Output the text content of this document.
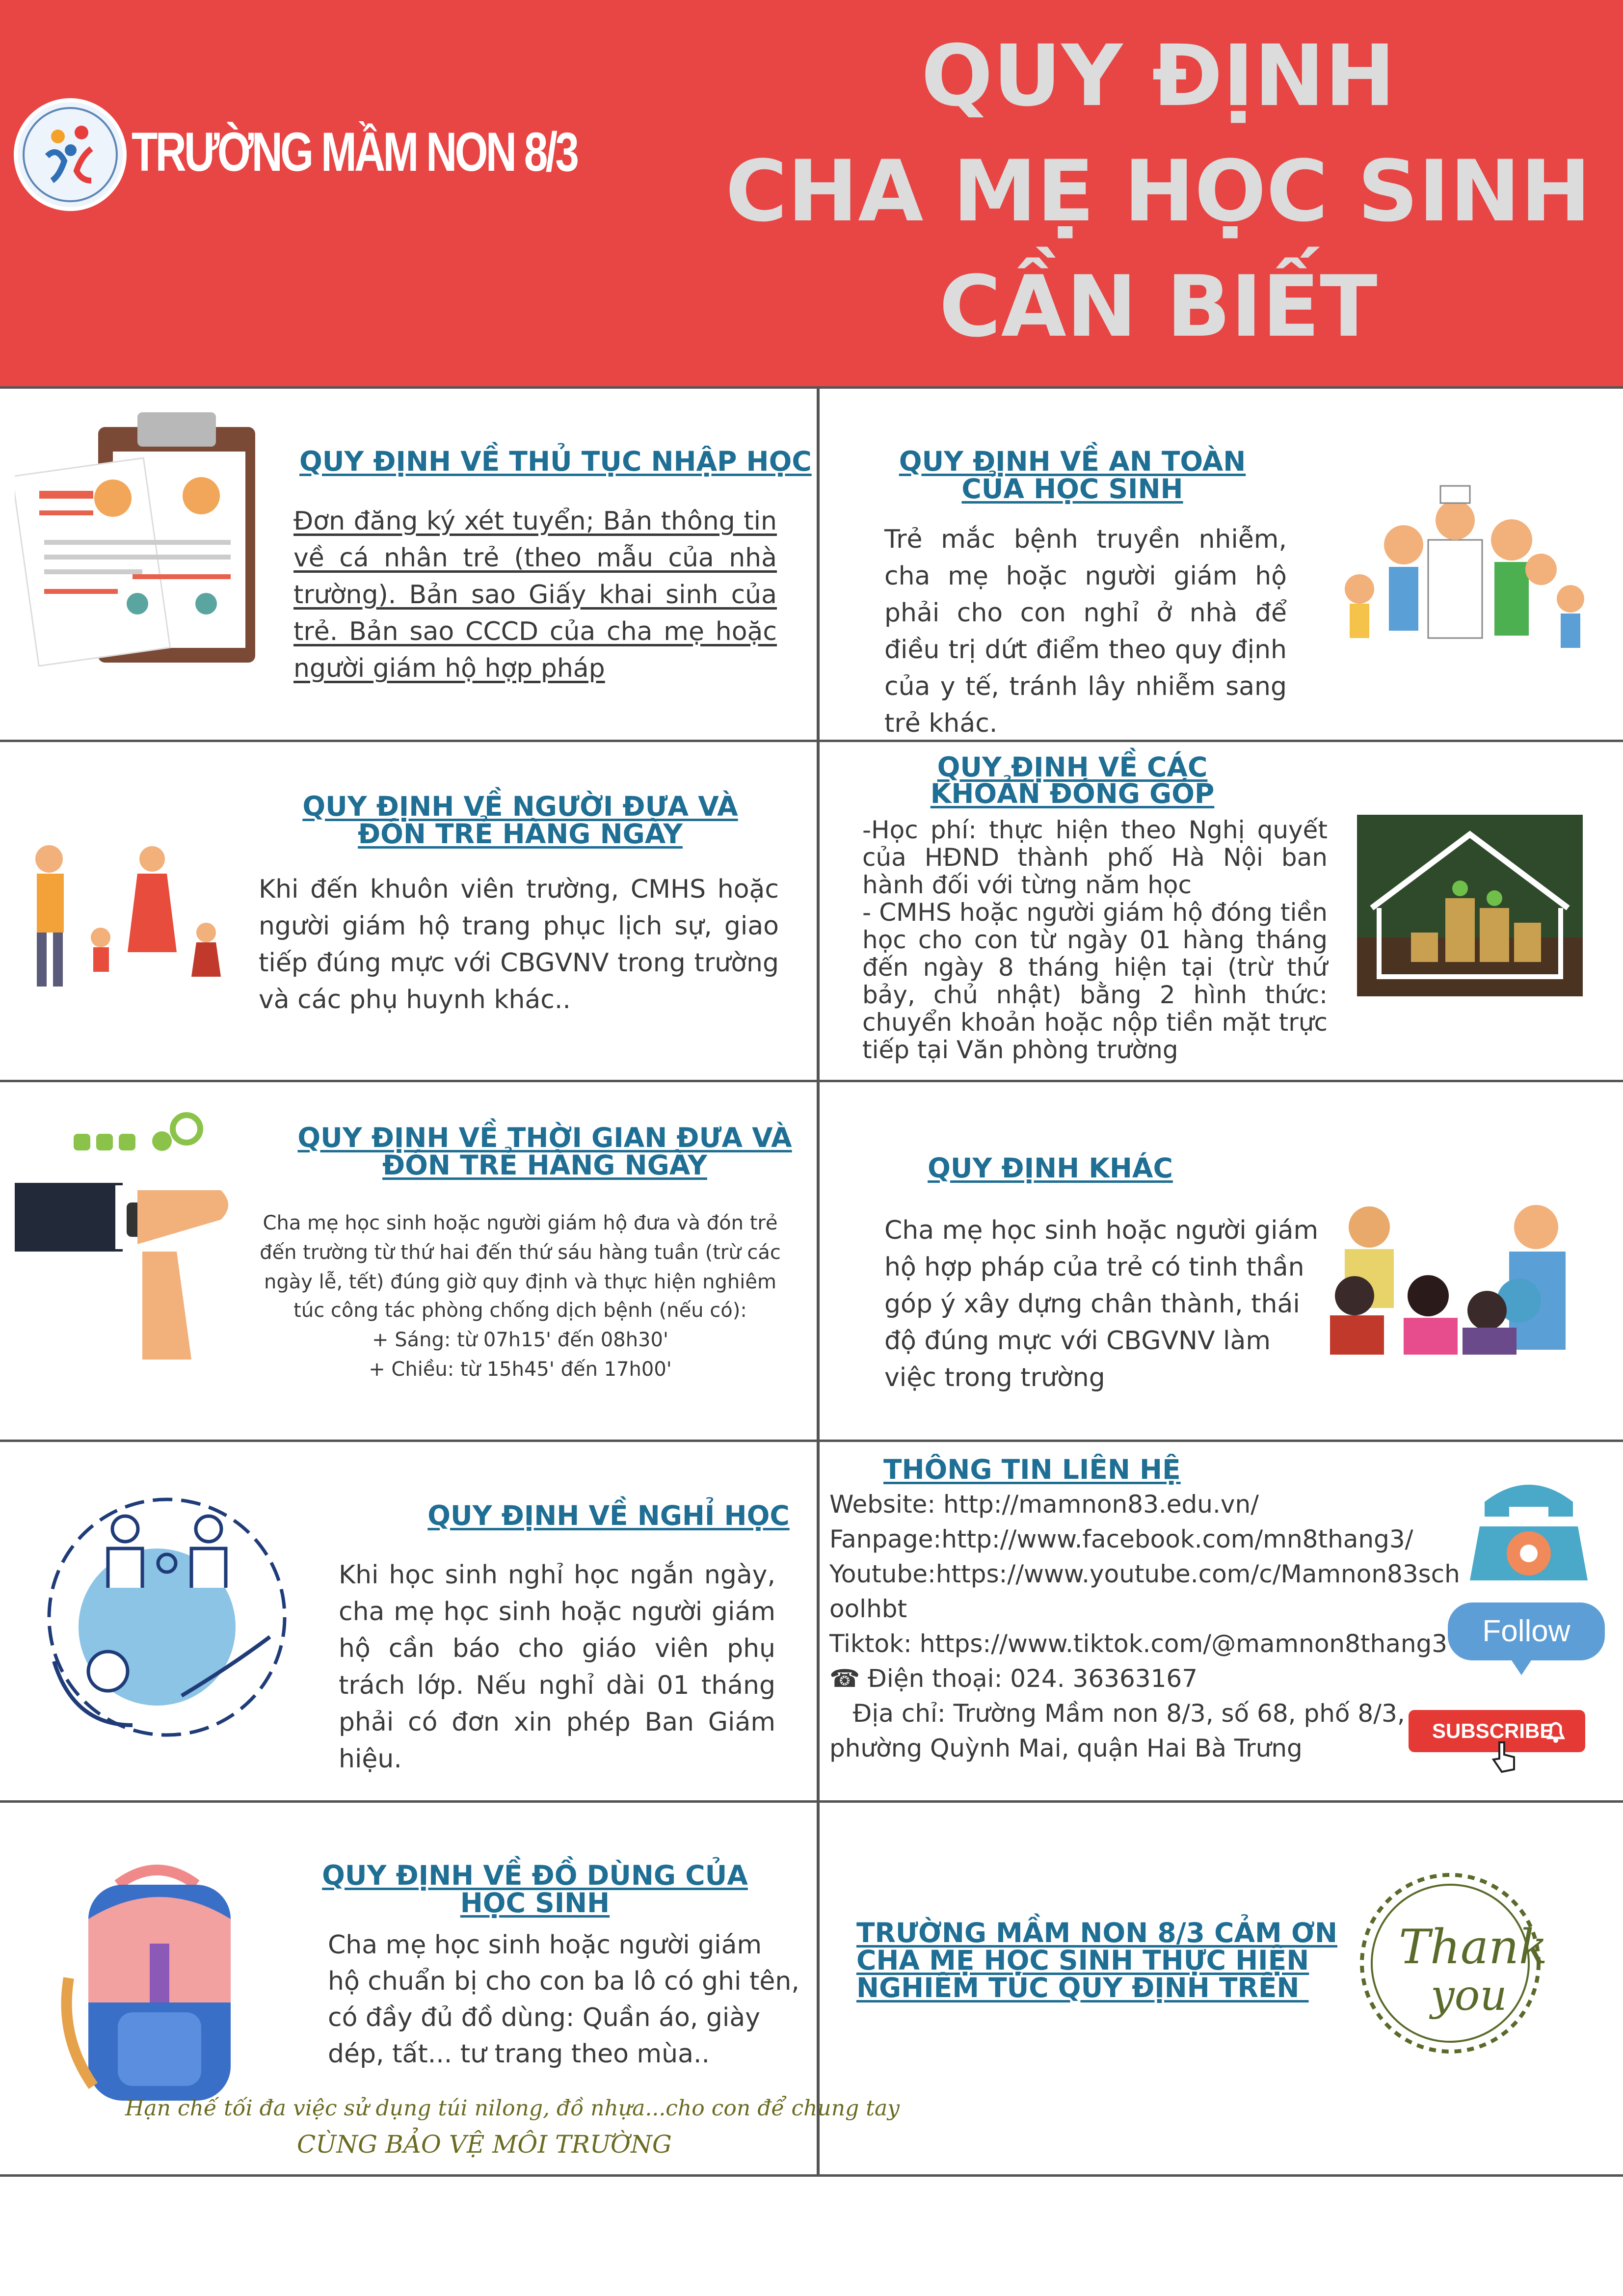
TRƯỜNG MẦM NON 8/3
QUY ĐỊNH
CHA MẸ HỌC SINH
CẦN BIẾT
QUY ĐỊNH VỀ THỦ TỤC NHẬP HỌC
Đơn đăng ký xét tuyển; Bản thông tin về cá nhân trẻ (theo mẫu của nhà trường). Bản sao Giấy khai sinh của trẻ. Bản sao CCCD của cha mẹ hoặc người giám hộ hợp pháp
QUY ĐỊNH VỀ AN TOÀN
CỦA HỌC SINH
Trẻ mắc bệnh truyền nhiễm, cha mẹ hoặc người giám hộ phải cho con nghỉ ở nhà để điều trị dứt điểm theo quy định của y tế, tránh lây nhiễm sang trẻ khác.
QUY ĐỊNH VỀ NGƯỜI ĐƯA VÀ
ĐÓN TRẺ HÀNG NGÀY
Khi đến khuôn viên trường, CMHS hoặc người giám hộ trang phục lịch sự, giao tiếp đúng mực với CBGVNV trong trường và các phụ huynh khác..
QUY ĐỊNH VỀ CÁC
KHOẢN ĐÓNG GÓP
-Học phí: thực hiện theo Nghị quyết của HĐND thành phố Hà Nội ban hành đối với từng năm học
- CMHS hoặc người giám hộ đóng tiền học cho con từ ngày 01 hàng tháng đến ngày 8 tháng hiện tại (trừ thứ bảy, chủ nhật) bằng 2 hình thức: chuyển khoản hoặc nộp tiền mặt trực tiếp tại Văn phòng trường
QUY ĐỊNH VỀ THỜI GIAN ĐƯA VÀ
ĐÓN TRẺ HÀNG NGÀY
Cha mẹ học sinh hoặc người giám hộ đưa và đón trẻ
đến trường từ thứ hai đến thứ sáu hàng tuần (trừ các
ngày lễ, tết) đúng giờ quy định và thực hiện nghiêm
túc công tác phòng chống dịch bệnh (nếu có):
+ Sáng: từ 07h15' đến 08h30'
+ Chiều: từ 15h45' đến 17h00'
QUY ĐỊNH KHÁC
Cha mẹ học sinh hoặc người giám
hộ hợp pháp của trẻ có tinh thần
góp ý xây dựng chân thành, thái
độ đúng mực với CBGVNV làm
việc trong trường
QUY ĐỊNH VỀ NGHỈ HỌC
Khi học sinh nghỉ học ngắn ngày, cha mẹ học sinh hoặc người giám hộ cần báo cho giáo viên phụ trách lớp. Nếu nghỉ dài 01 tháng phải có đơn xin phép Ban Giám hiệu.
THÔNG TIN LIÊN HỆ
Website: http://mamnon83.edu.vn/
Fanpage:http://www.facebook.com/mn8thang3/
Youtube:https://www.youtube.com/c/Mamnon83sch
oolhbt
Tiktok: https://www.tiktok.com/@mamnon8thang3
☎ Điện thoại: 024. 36363167
Địa chỉ: Trường Mầm non 8/3, số 68, phố 8/3,
phường Quỳnh Mai, quận Hai Bà Trưng
Follow
SUBSCRIBE
QUY ĐỊNH VỀ ĐỒ DÙNG CỦA
HỌC SINH
Cha mẹ học sinh hoặc người giám
hộ chuẩn bị cho con ba lô có ghi tên,
có đầy đủ đồ dùng: Quần áo, giày
dép, tất... tư trang theo mùa..
Hạn chế tối đa việc sử dụng túi nilong, đồ nhựa...cho con để chung tay
CÙNG BẢO VỆ MÔI TRƯỜNG
TRƯỜNG MẦM NON 8/3 CẢM ƠN
CHA MẸ HỌC SINH THỰC HIỆN
NGHIÊM TÚC QUY ĐỊNH TRÊN
Thank
you
